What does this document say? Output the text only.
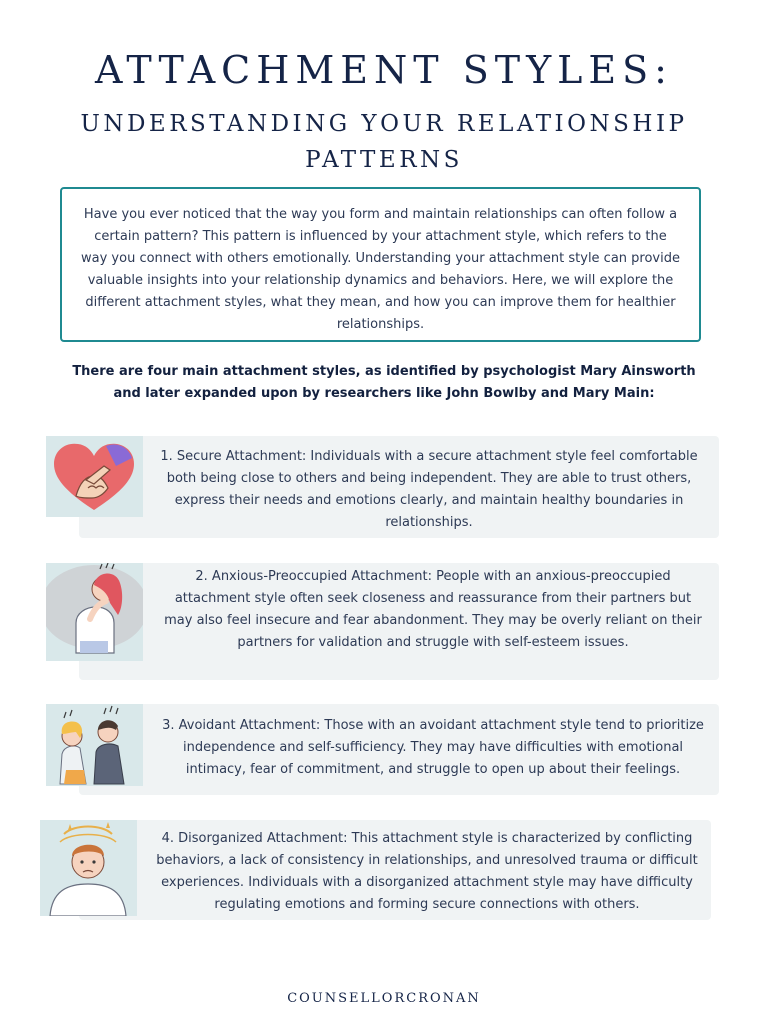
ATTACHMENT STYLES:
UNDERSTANDING YOUR RELATIONSHIP PATTERNS
Have you ever noticed that the way you form and maintain relationships can often follow a certain pattern? This pattern is influenced by your attachment style, which refers to the way you connect with others emotionally. Understanding your attachment style can provide valuable insights into your relationship dynamics and behaviors. Here, we will explore the different attachment styles, what they mean, and how you can improve them for healthier relationships.
There are four main attachment styles, as identified by psychologist Mary Ainsworth and later expanded upon by researchers like John Bowlby and Mary Main:
1. Secure Attachment: Individuals with a secure attachment style feel comfortable both being close to others and being independent. They are able to trust others, express their needs and emotions clearly, and maintain healthy boundaries in relationships.
2. Anxious-Preoccupied Attachment: People with an anxious-preoccupied attachment style often seek closeness and reassurance from their partners but may also feel insecure and fear abandonment. They may be overly reliant on their partners for validation and struggle with self-esteem issues.
3. Avoidant Attachment: Those with an avoidant attachment style tend to prioritize independence and self-sufficiency. They may have difficulties with emotional intimacy, fear of commitment, and struggle to open up about their feelings.
4. Disorganized Attachment: This attachment style is characterized by conflicting behaviors, a lack of consistency in relationships, and unresolved trauma or difficult experiences. Individuals with a disorganized attachment style may have difficulty regulating emotions and forming secure connections with others.
COUNSELLORCRONAN
